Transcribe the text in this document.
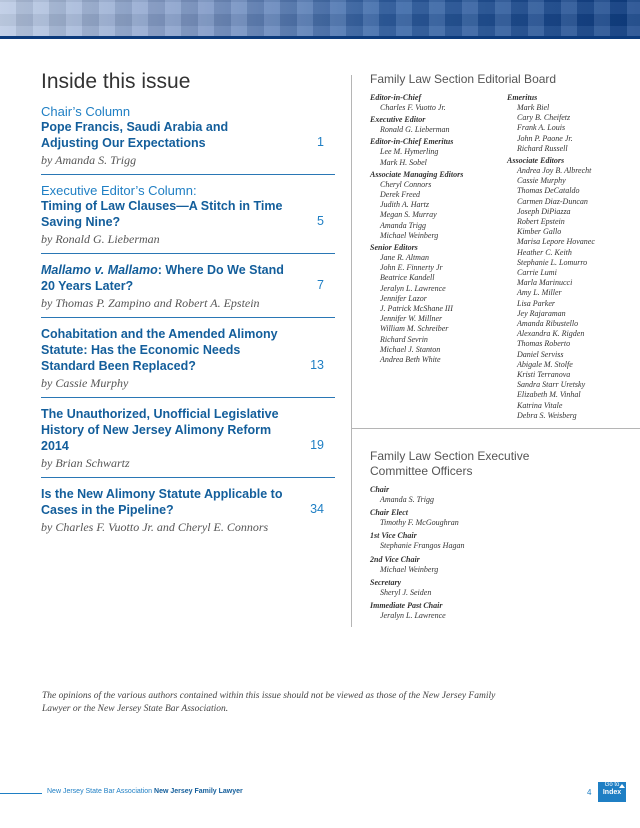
Inside this issue
Chair’s Column
Pope Francis, Saudi Arabia and Adjusting Our Expectations	1
by Amanda S. Trigg
Executive Editor’s Column:
Timing of Law Clauses—A Stitch in Time Saving Nine?	5
by Ronald G. Lieberman
Mallamo v. Mallamo: Where Do We Stand 20 Years Later?	7
by Thomas P. Zampino and Robert A. Epstein
Cohabitation and the Amended Alimony Statute: Has the Economic Needs Standard Been Replaced?	13
by Cassie Murphy
The Unauthorized, Unofficial Legislative History of New Jersey Alimony Reform 2014	19
by Brian Schwartz
Is the New Alimony Statute Applicable to Cases in the Pipeline?	34
by Charles F. Vuotto Jr. and Cheryl E. Connors
Family Law Section Editorial Board
Editor-in-Chief
Charles F. Vuotto Jr.
Executive Editor
Ronald G. Lieberman
Editor-in-Chief Emeritus
Lee M. Hymerling
Mark H. Sobel
Associate Managing Editors
Cheryl Connors
Derek Freed
Judith A. Hartz
Megan S. Murray
Amanda Trigg
Michael Weinberg
Senior Editors
Jane R. Altman
John E. Finnerty Jr
Beatrice Kandell
Jeralyn L. Lawrence
Jennifer Lazor
J. Patrick McShane III
Jennifer W. Millner
William M. Schreiber
Richard Sevrin
Michael J. Stanton
Andrea Beth White
Emeritus
Mark Biel
Cary B. Cheifetz
Frank A. Louis
John P. Paone Jr.
Richard Russell
Associate Editors
Andrea Joy B. Albrecht
Cassie Murphy
Thomas DeCataldo
Carmen Diaz-Duncan
Joseph DiPiazza
Robert Epstein
Kimber Gallo
Marisa Lepore Hovanec
Heather C. Keith
Stephanie L. Lomurro
Carrie Lumi
Marla Marinucci
Amy L. Miller
Lisa Parker
Jey Rajaraman
Amanda Ribustello
Alexandra K. Rigden
Thomas Roberto
Daniel Serviss
Abigale M. Stolfe
Kristi Terranova
Sandra Starr Uretsky
Elizabeth M. Vinhal
Katrina Vitale
Debra S. Weisberg
Family Law Section Executive Committee Officers
Chair
Amanda S. Trigg
Chair Elect
Timothy F. McGoughran
1st Vice Chair
Stephanie Frangos Hagan
2nd Vice Chair
Michael Weinberg
Secretary
Sheryl J. Seiden
Immediate Past Chair
Jeralyn L. Lawrence
The opinions of the various authors contained within this issue should not be viewed as those of the New Jersey Family Lawyer or the New Jersey State Bar Association.
New Jersey State Bar Association New Jersey Family Lawyer	4
Go to
Index
